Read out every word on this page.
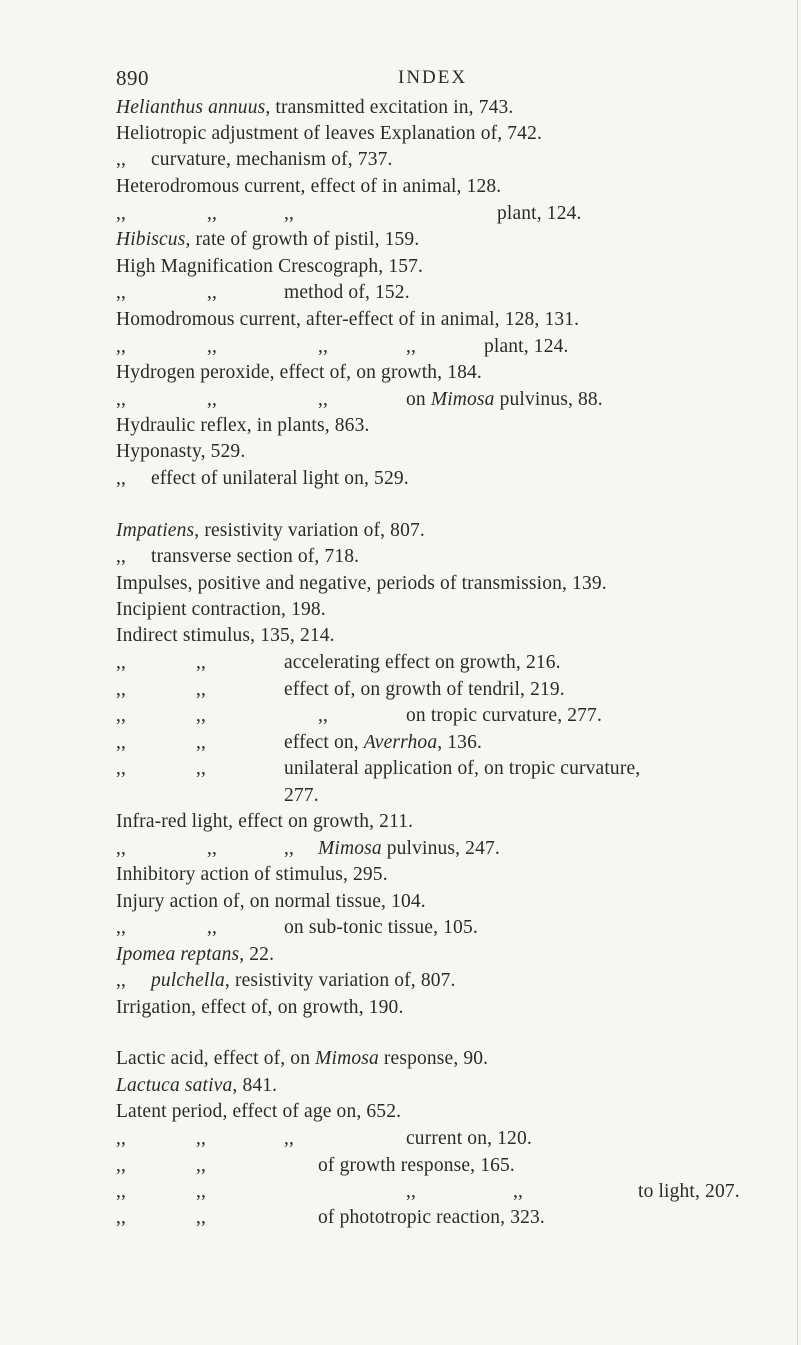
890	INDEX
Helianthus annuus, transmitted excitation in, 743.
Heliotropic adjustment of leaves Explanation of, 742.
,, curvature, mechanism of, 737.
Heterodromous current, effect of in animal, 128.
,,	,,	,,	plant, 124.
Hibiscus, rate of growth of pistil, 159.
High Magnification Crescograph, 157.
,,	,,	method of, 152.
Homodromous current, after-effect of in animal, 128, 131.
,,	,,	,,	,,	plant, 124.
Hydrogen peroxide, effect of, on growth, 184.
,,	,,	,,	on Mimosa pulvinus, 88.
Hydraulic reflex, in plants, 863.
Hyponasty, 529.
,, effect of unilateral light on, 529.
Impatiens, resistivity variation of, 807.
,, transverse section of, 718.
Impulses, positive and negative, periods of transmission, 139.
Incipient contraction, 198.
Indirect stimulus, 135, 214.
,,	,,	accelerating effect on growth, 216.
,,	,,	effect of, on growth of tendril, 219.
,,	,,	,,	on tropic curvature, 277.
,,	,,	effect on, Averrhoa, 136.
,,	,,	unilateral application of, on tropic curvature,
277.
Infra-red light, effect on growth, 211.
,,	,,	,, Mimosa pulvinus, 247.
Inhibitory action of stimulus, 295.
Injury action of, on normal tissue, 104.
,,	,,	on sub-tonic tissue, 105.
Ipomea reptans, 22.
,, pulchella, resistivity variation of, 807.
Irrigation, effect of, on growth, 190.
Lactic acid, effect of, on Mimosa response, 90.
Lactuca sativa, 841.
Latent period, effect of age on, 652.
,,	,,	,,	current on, 120.
,,	,,	of growth response, 165.
,,	,,	,,	,,	to light, 207.
,,	,,	of phototropic reaction, 323.
